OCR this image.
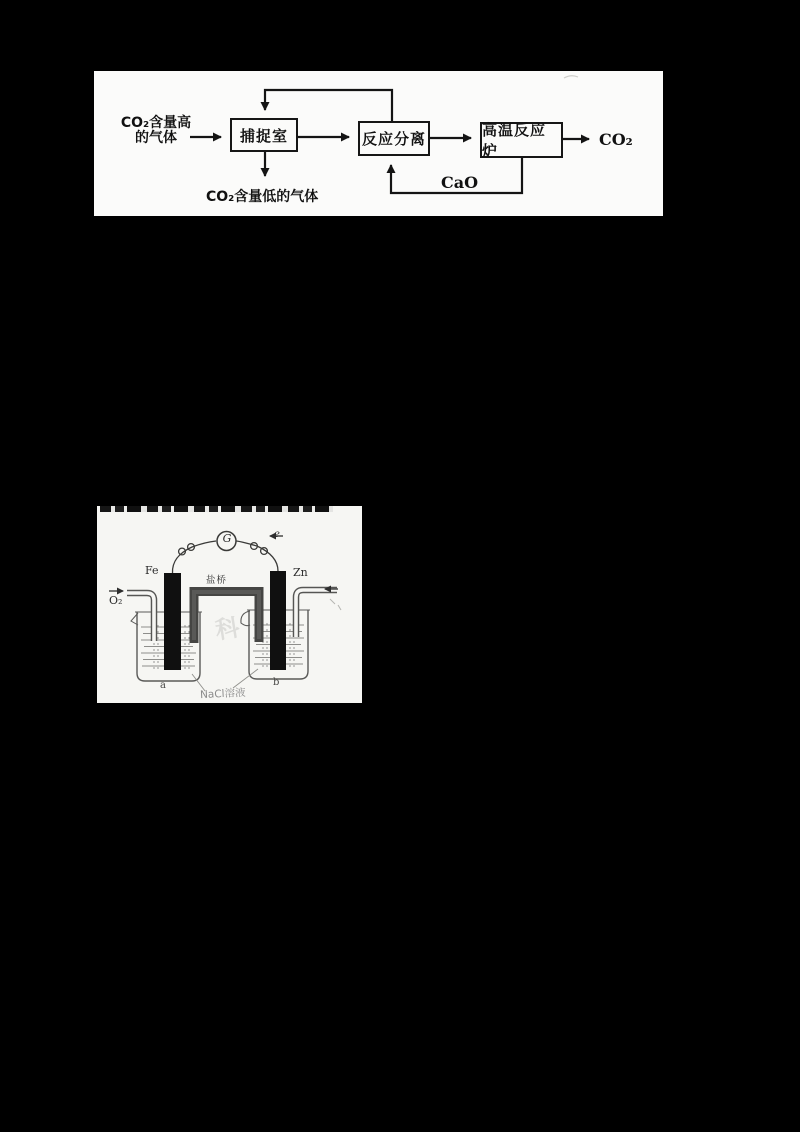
CO₂含量高
的气体	捕捉室	反应分离	高温反应炉
CO₂
CO₂含量低的气体
CaO
Fe	Zn
G	e
盐桥
O₂
a	b
NaCl溶液
科
